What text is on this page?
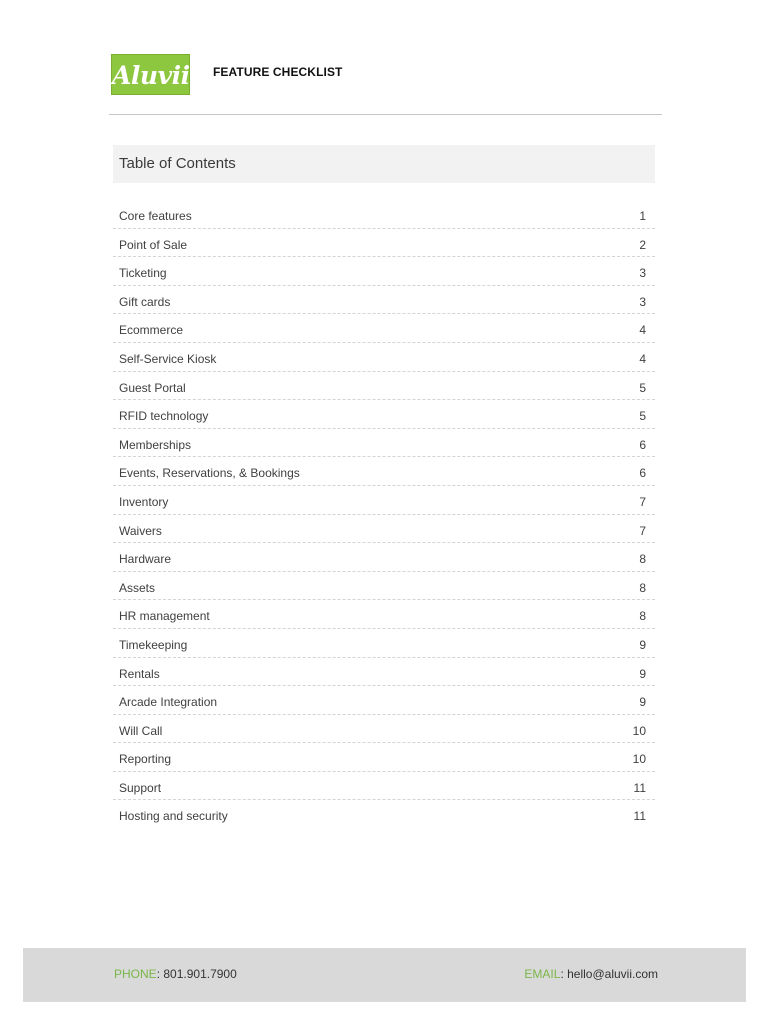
Aluvii FEATURE CHECKLIST
Table of Contents
Core features	1
Point of Sale	2
Ticketing	3
Gift cards	3
Ecommerce	4
Self-Service Kiosk	4
Guest Portal	5
RFID technology	5
Memberships	6
Events, Reservations, & Bookings	6
Inventory	7
Waivers	7
Hardware	8
Assets	8
HR management	8
Timekeeping	9
Rentals	9
Arcade Integration	9
Will Call	10
Reporting	10
Support	11
Hosting and security	11
PHONE: 801.901.7900	EMAIL: hello@aluvii.com
